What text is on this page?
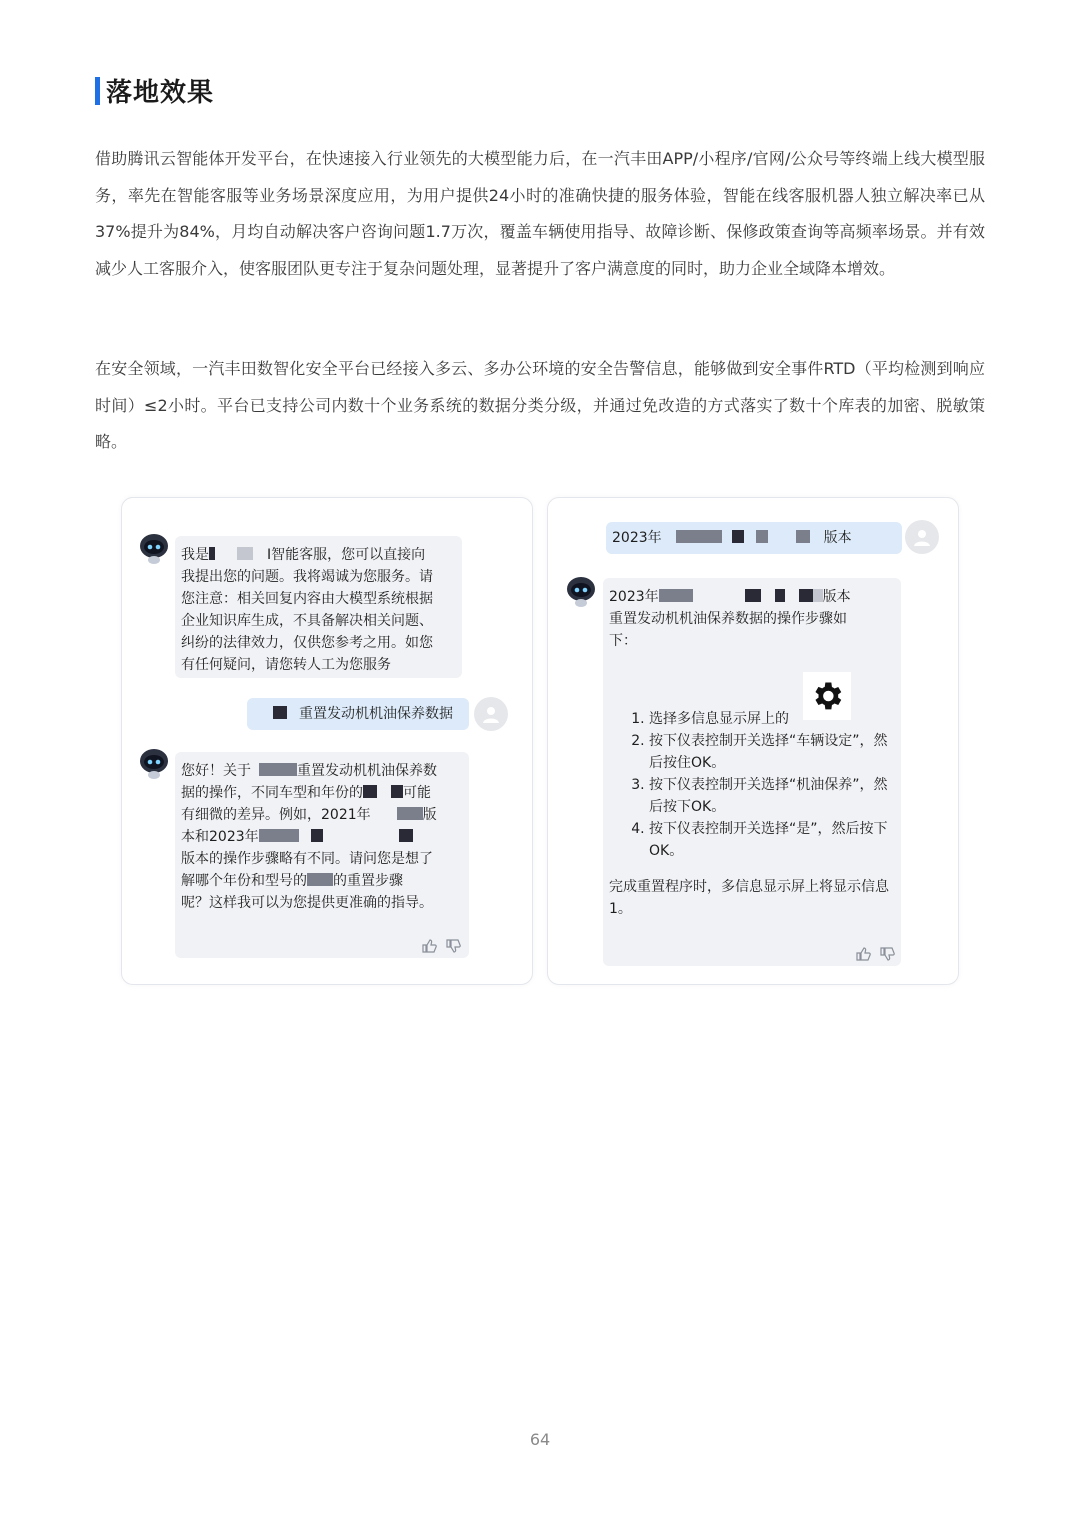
落地效果

借助腾讯云智能体开发平台，在快速接入行业领先的大模型能力后，在一汽丰田APP/小程序/官网/公众号等终端上线大模型服务，率先在智能客服等业务场景深度应用，为用户提供24小时的准确快捷的服务体验，智能在线客服机器人独立解决率已从37%提升为84%，月均自动解决客户咨询问题1.7万次，覆盖车辆使用指导、故障诊断、保修政策查询等高频率场景。并有效减少人工客服介入，使客服团队更专注于复杂问题处理，显著提升了客户满意度的同时，助力企业全域降本增效。

在安全领域，一汽丰田数智化安全平台已经接入多云、多办公环境的安全告警信息，能够做到安全事件RTD（平均检测到响应时间）≤2小时。平台已支持公司内数十个业务系统的数据分类分级，并通过免改造的方式落实了数十个库表的加密、脱敏策略。

我是	I智能客服，您可以直接向
我提出您的问题。我将竭诚为您服务。请
您注意：相关回复内容由大模型系统根据
企业知识库生成，不具备解决相关问题、
纠纷的法律效力，仅供您参考之用。如您
有任何疑问，请您转人工为您服务
重置发动机机油保养数据
您好！关于	重置发动机机油保养数
据的操作，不同车型和年份的	可能
有细微的差异。例如，2021年	版
本和2023年
版本的操作步骤略有不同。请问您是想了
解哪个年份和型号的 的重置步骤
呢？这样我可以为您提供更准确的指导。
2023年	版本
2023年	版本
重置发动机机油保养数据的操作步骤如
下：
1. 选择多信息显示屏上的
2. 按下仪表控制开关选择“车辆设定”，然后按住OK。
3. 按下仪表控制开关选择“机油保养”，然后按下OK。
4. 按下仪表控制开关选择“是”，然后按下OK。
完成重置程序时，多信息显示屏上将显示信息1。
64
